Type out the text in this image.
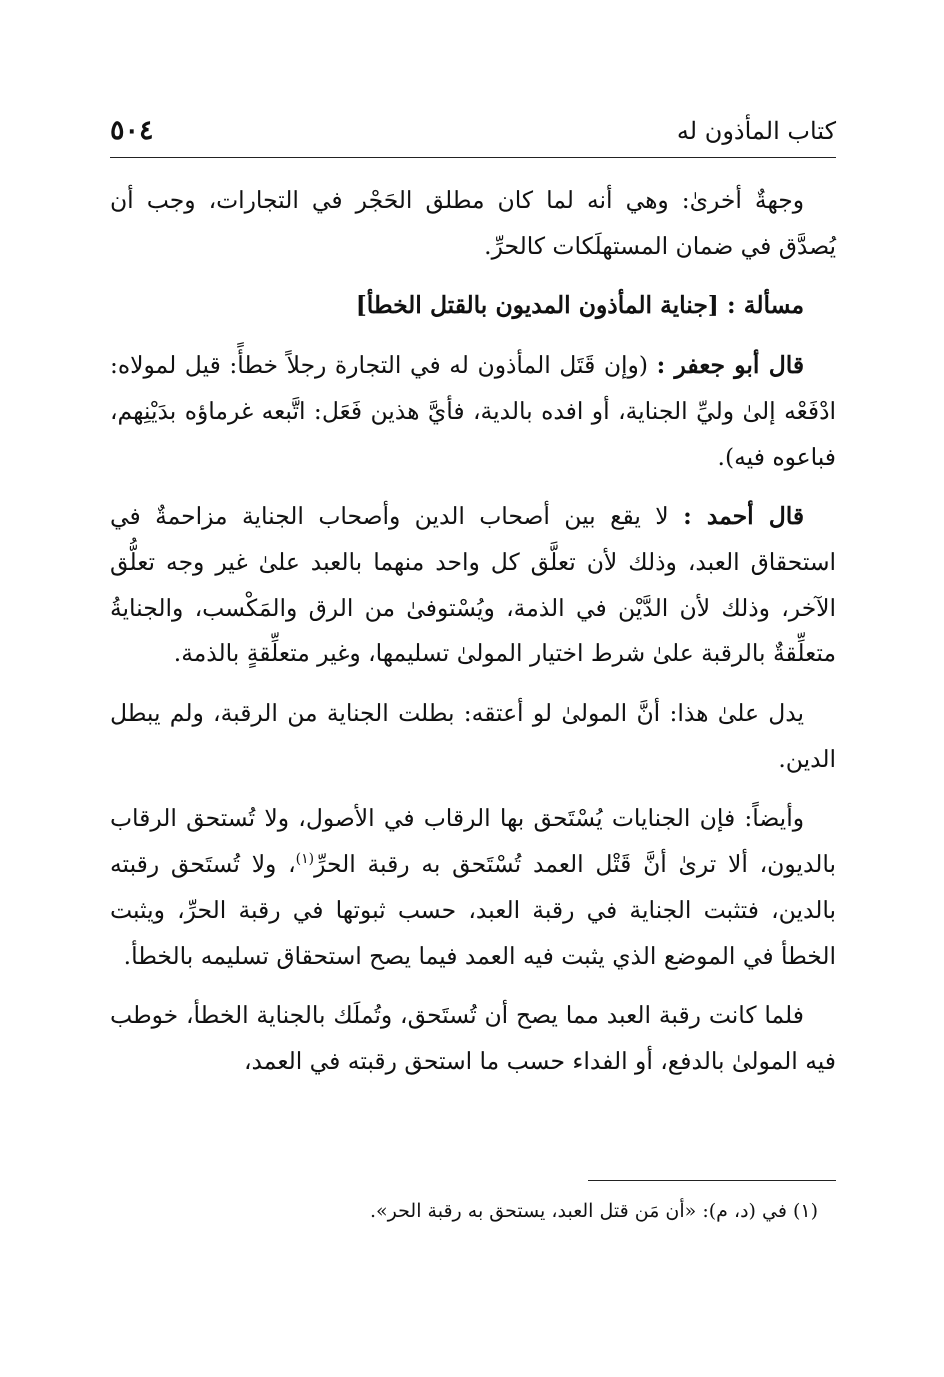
٥٠٤	كتاب المأذون له

وجهةٌ أخرىٰ: وهي أنه لما كان مطلق الحَجْر في التجارات، وجب أن يُصدَّق في ضمان المستهلَكات كالحرِّ.

مسألة : [جناية المأذون المديون بالقتل الخطأ]

قال أبو جعفر : (وإن قَتَل المأذون له في التجارة رجلاً خطأً: قيل لمولاه: ادْفَعْه إلىٰ وليِّ الجناية، أو افده بالدية، فأيَّ هذين فَعَل: اتَّبعه غرماؤه بدَيْنِهم، فباعوه فيه).

قال أحمد : لا يقع بين أصحاب الدين وأصحاب الجناية مزاحمةٌ في استحقاق العبد، وذلك لأن تعلَّق كل واحد منهما بالعبد علىٰ غير وجه تعلُّق الآخر، وذلك لأن الدَّيْن في الذمة، ويُسْتوفىٰ من الرق والمَكْسب، والجنايةُ متعلِّقةٌ بالرقبة علىٰ شرط اختيار المولىٰ تسليمها، وغير متعلِّقةٍ بالذمة.

يدل علىٰ هذا: أنَّ المولىٰ لو أعتقه: بطلت الجناية من الرقبة، ولم يبطل الدين.

وأيضاً: فإن الجنايات يُسْتَحق بها الرقاب في الأصول، ولا تُستحق الرقاب بالديون، ألا ترىٰ أنَّ قَتْل العمد تُسْتَحق به رقبة الحرِّ$^{(١)}$، ولا تُستَحق رقبته بالدين، فتثبت الجناية في رقبة العبد، حسب ثبوتها في رقبة الحرِّ، ويثبت الخطأ في الموضع الذي يثبت فيه العمد فيما يصح استحقاق تسليمه بالخطأ.

فلما كانت رقبة العبد مما يصح أن تُستَحق، وتُملَك بالجناية الخطأ، خوطب فيه المولىٰ بالدفع، أو الفداء حسب ما استحق رقبته في العمد،

(١) في (د، م): «أن مَن قتل العبد، يستحق به رقبة الحر».
